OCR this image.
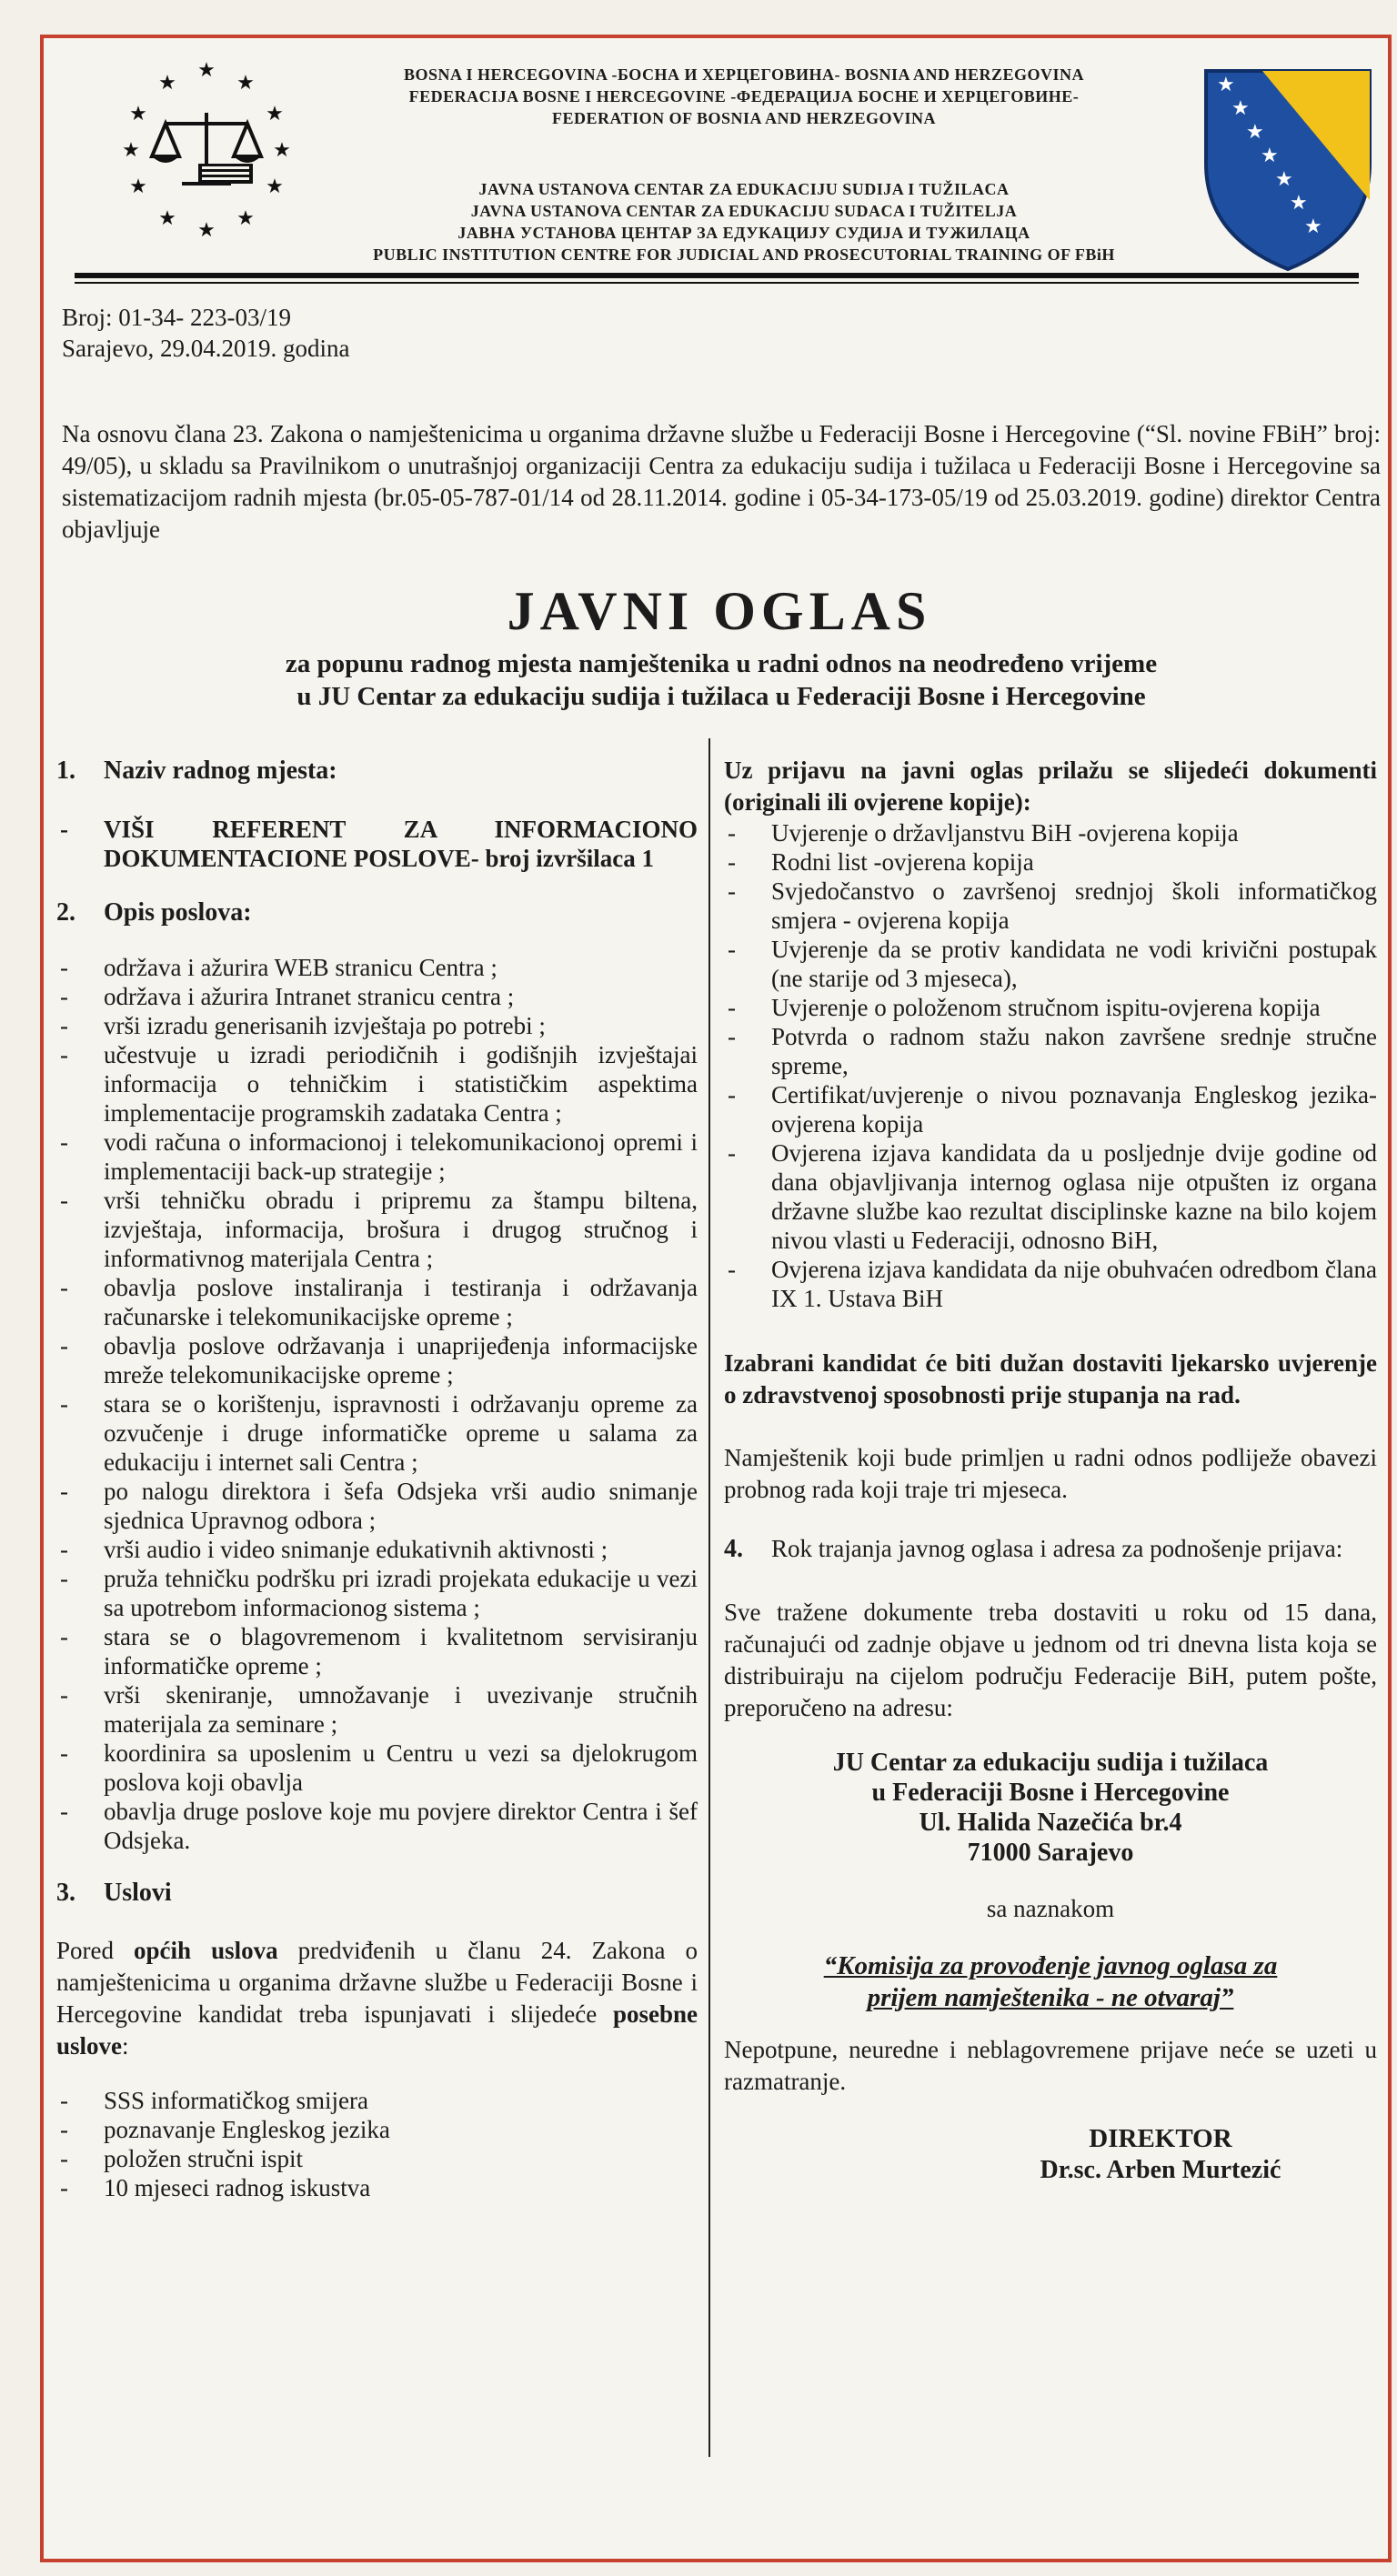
★
★	★
★	★
★	★
★	★
★	★
★
BOSNA I HERCEGOVINA -БОСНА И ХЕРЦЕГОВИНА- BOSNIA AND HERZEGOVINA
FEDERACIJA BOSNE I HERCEGOVINE -ФЕДЕРАЦИЈА БОСНЕ И ХЕРЦЕГОВИНЕ-
FEDERATION OF BOSNIA AND HERZEGOVINA
JAVNA USTANOVA CENTAR ZA EDUKACIJU SUDIJA I TUŽILACA
JAVNA USTANOVA CENTAR ZA EDUKACIJU SUDACA I TUŽITELJA
ЈАВНА УСТАНОВА ЦЕНТАР ЗА ЕДУКАЦИЈУ СУДИЈА И ТУЖИЛАЦА
PUBLIC INSTITUTION CENTRE FOR JUDICIAL AND PROSECUTORIAL TRAINING OF FBiH
★
★
★
★
★
★
★
Broj: 01-34- 223-03/19
Sarajevo, 29.04.2019. godina

Na osnovu člana 23. Zakona o namještenicima u organima državne službe u Federaciji Bosne i Hercegovine (“Sl. novine FBiH” broj: 49/05), u skladu sa Pravilnikom o unutrašnjoj organizaciji Centra za edukaciju sudija i tužilaca u Federaciji Bosne i Hercegovine sa sistematizacijom radnih mjesta (br.05-05-787-01/14 od 28.11.2014. godine i 05-34-173-05/19 od 25.03.2019. godine) direktor Centra objavljuje

JAVNI OGLAS
za popunu radnog mjesta namještenika u radni odnos na neodređeno vrijeme
u JU Centar za edukaciju sudija i tužilaca u Federaciji Bosne i Hercegovine
1. Naziv radnog mjesta:
- VIŠI REFERENT ZA INFORMACIONO DOKUMENTACIONE POSLOVE- broj izvršilaca 1
2. Opis poslova:
- održava i ažurira WEB stranicu Centra ;
- održava i ažurira Intranet stranicu centra ;
- vrši izradu generisanih izvještaja po potrebi ;
- učestvuje u izradi periodičnih i godišnjih izvještajai informacija o tehničkim i statističkim aspektima implementacije programskih zadataka Centra ;
- vodi računa o informacionoj i telekomunikacionoj opremi i implementaciji back-up strategije ;
- vrši tehničku obradu i pripremu za štampu biltena, izvještaja, informacija, brošura i drugog stručnog i informativnog materijala Centra ;
- obavlja poslove instaliranja i testiranja i održavanja računarske i telekomunikacijske opreme ;
- obavlja poslove održavanja i unaprijeđenja informacijske mreže telekomunikacijske opreme ;
- stara se o korištenju, ispravnosti i održavanju opreme za ozvučenje i druge informatičke opreme u salama za edukaciju i internet sali Centra ;
- po nalogu direktora i šefa Odsjeka vrši audio snimanje sjednica Upravnog odbora ;
- vrši audio i video snimanje edukativnih aktivnosti ;
- pruža tehničku podršku pri izradi projekata edukacije u vezi sa upotrebom informacionog sistema ;
- stara se o blagovremenom i kvalitetnom servisiranju informatičke opreme ;
- vrši skeniranje, umnožavanje i uvezivanje stručnih materijala za seminare ;
- koordinira sa uposlenim u Centru u vezi sa djelokrugom poslova koji obavlja
- obavlja druge poslove koje mu povjere direktor Centra i šef Odsjeka.
3. Uslovi

Pored općih uslova predviđenih u članu 24. Zakona o namještenicima u organima državne službe u Federaciji Bosne i Hercegovine kandidat treba ispunjavati i slijedeće posebne uslove:

- SSS informatičkog smijera
- poznavanje Engleskog jezika
- položen stručni ispit
- 10 mjeseci radnog iskustva

Uz prijavu na javni oglas prilažu se slijedeći dokumenti (originali ili ovjerene kopije):

- Uvjerenje o državljanstvu BiH -ovjerena kopija
- Rodni list -ovjerena kopija
- Svjedočanstvo o završenoj srednjoj školi informatičkog smjera - ovjerena kopija
- Uvjerenje da se protiv kandidata ne vodi krivični postupak (ne starije od 3 mjeseca),
- Uvjerenje o položenom stručnom ispitu-ovjerena kopija
- Potvrda o radnom stažu nakon završene srednje stručne spreme,
- Certifikat/uvjerenje o nivou poznavanja Engleskog jezika-ovjerena kopija
- Ovjerena izjava kandidata da u posljednje dvije godine od dana objavljivanja internog oglasa nije otpušten iz organa državne službe kao rezultat disciplinske kazne na bilo kojem nivou vlasti u Federaciji, odnosno BiH,
- Ovjerena izjava kandidata da nije obuhvaćen odredbom člana IX 1. Ustava BiH

Izabrani kandidat će biti dužan dostaviti ljekarsko uvjerenje o zdravstvenoj sposobnosti prije stupanja na rad.

Namještenik koji bude primljen u radni odnos podliježe obavezi probnog rada koji traje tri mjeseca.

4.	Rok trajanja javnog oglasa i adresa za podnošenje prijava:

Sve tražene dokumente treba dostaviti u roku od 15 dana, računajući od zadnje objave u jednom od tri dnevna lista koja se distribuiraju na cijelom području Federacije BiH, putem pošte, preporučeno na adresu:

JU Centar za edukaciju sudija i tužilaca
u Federaciji Bosne i Hercegovine
Ul. Halida Nazečića br.4
71000 Sarajevo
sa naznakom
“Komisija za provođenje javnog oglasa za
prijem namještenika - ne otvaraj”

Nepotpune, neuredne i neblagovremene prijave neće se uzeti u razmatranje.

DIREKTOR
Dr.sc. Arben Murtezić
